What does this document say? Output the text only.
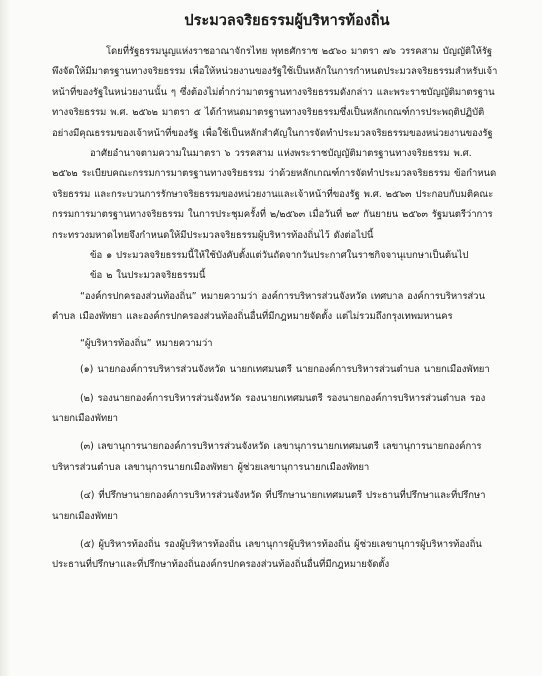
ประมวลจริยธรรมผู้บริหารท้องถิ่น

โดยที่รัฐธรรมนูญแห่งราชอาณาจักรไทย พุทธศักราช ๒๕๖๐ มาตรา ๗๖ วรรคสาม บัญญัติให้รัฐพึงจัดให้มีมาตรฐานทางจริยธรรม เพื่อให้หน่วยงานของรัฐใช้เป็นหลักในการกำหนดประมวลจริยธรรมสำหรับเจ้าหน้าที่ของรัฐในหน่วยงานนั้น ๆ ซึ่งต้องไม่ต่ำกว่ามาตรฐานทางจริยธรรมดังกล่าว และพระราชบัญญัติมาตรฐานทางจริยธรรม พ.ศ. ๒๕๖๒ มาตรา ๕ ได้กำหนดมาตรฐานทางจริยธรรมซึ่งเป็นหลักเกณฑ์การประพฤติปฏิบัติอย่างมีคุณธรรมของเจ้าหน้าที่ของรัฐ เพื่อใช้เป็นหลักสำคัญในการจัดทำประมวลจริยธรรมของหน่วยงานของรัฐ

อาศัยอำนาจตามความในมาตรา ๖ วรรคสาม แห่งพระราชบัญญัติมาตรฐานทางจริยธรรม พ.ศ. ๒๕๖๒ ระเบียบคณะกรรมการมาตรฐานทางจริยธรรม ว่าด้วยหลักเกณฑ์การจัดทำประมวลจริยธรรม ข้อกำหนดจริยธรรม และกระบวนการรักษาจริยธรรมของหน่วยงานและเจ้าหน้าที่ของรัฐ พ.ศ. ๒๕๖๓ ประกอบกับมติคณะกรรมการมาตรฐานทางจริยธรรม ในการประชุมครั้งที่ ๒/๒๕๖๓ เมื่อวันที่ ๒๙ กันยายน ๒๕๖๓ รัฐมนตรีว่าการกระทรวงมหาดไทยจึงกำหนดให้มีประมวลจริยธรรมผู้บริหารท้องถิ่นไว้ ดังต่อไปนี้

ข้อ ๑ ประมวลจริยธรรมนี้ให้ใช้บังคับตั้งแต่วันถัดจากวันประกาศในราชกิจจานุเบกษาเป็นต้นไป

ข้อ ๒ ในประมวลจริยธรรมนี้

“องค์กรปกครองส่วนท้องถิ่น” หมายความว่า องค์การบริหารส่วนจังหวัด เทศบาล องค์การบริหารส่วนตำบล เมืองพัทยา และองค์กรปกครองส่วนท้องถิ่นอื่นที่มีกฎหมายจัดตั้ง แต่ไม่รวมถึงกรุงเทพมหานคร

“ผู้บริหารท้องถิ่น” หมายความว่า

(๑) นายกองค์การบริหารส่วนจังหวัด นายกเทศมนตรี นายกองค์การบริหารส่วนตำบล นายกเมืองพัทยา

(๒) รองนายกองค์การบริหารส่วนจังหวัด รองนายกเทศมนตรี รองนายกองค์การบริหารส่วนตำบล รองนายกเมืองพัทยา

(๓) เลขานุการนายกองค์การบริหารส่วนจังหวัด เลขานุการนายกเทศมนตรี เลขานุการนายกองค์การบริหารส่วนตำบล เลขานุการนายกเมืองพัทยา ผู้ช่วยเลขานุการนายกเมืองพัทยา

(๔) ที่ปรึกษานายกองค์การบริหารส่วนจังหวัด ที่ปรึกษานายกเทศมนตรี ประธานที่ปรึกษาและที่ปรึกษานายกเมืองพัทยา

(๕) ผู้บริหารท้องถิ่น รองผู้บริหารท้องถิ่น เลขานุการผู้บริหารท้องถิ่น ผู้ช่วยเลขานุการผู้บริหารท้องถิ่น ประธานที่ปรึกษาและที่ปรึกษาท้องถิ่นองค์กรปกครองส่วนท้องถิ่นอื่นที่มีกฎหมายจัดตั้ง
